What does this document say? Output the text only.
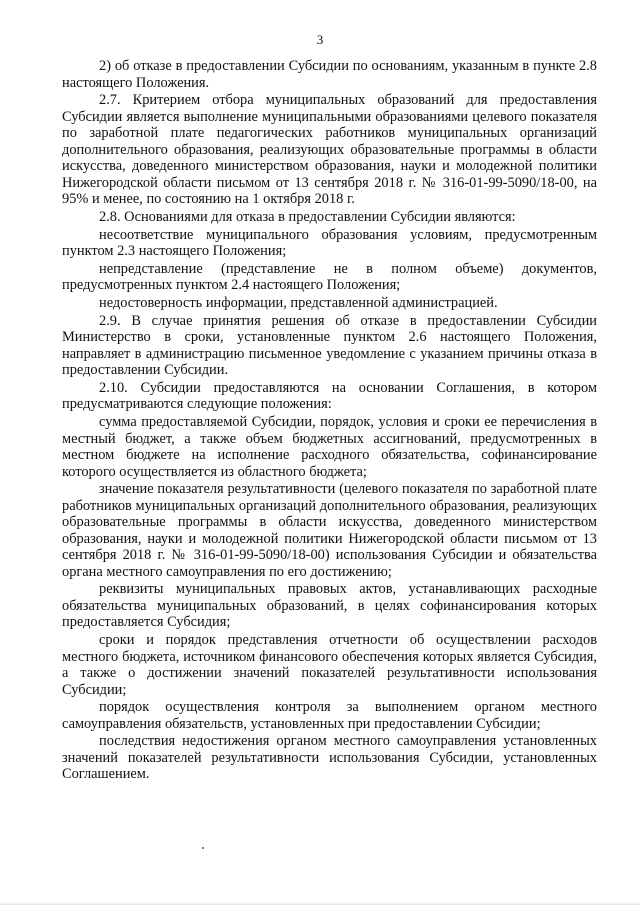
3

2) об отказе в предоставлении Субсидии по основаниям, указанным в пункте 2.8 настоящего Положения.

2.7. Критерием отбора муниципальных образований для предоставления Субсидии является выполнение муниципальными образованиями целевого показателя по заработной плате педагогических работников муниципальных организаций дополнительного образования, реализующих образовательные программы в области искусства, доведенного министерством образования, науки и молодежной политики Нижегородской области письмом от 13 сентября 2018 г. № 316-01-99-5090/18-00, на 95% и менее, по состоянию на 1 октября 2018 г.

2.8. Основаниями для отказа в предоставлении Субсидии являются:

несоответствие муниципального образования условиям, предусмотренным пунктом 2.3 настоящего Положения;

непредставление (представление не в полном объеме) документов, предусмотренных пунктом 2.4 настоящего Положения;

недостоверность информации, представленной администрацией.

2.9. В случае принятия решения об отказе в предоставлении Субсидии Министерство в сроки, установленные пунктом 2.6 настоящего Положения, направляет в администрацию письменное уведомление с указанием причины отказа в предоставлении Субсидии.

2.10. Субсидии предоставляются на основании Соглашения, в котором предусматриваются следующие положения:

сумма предоставляемой Субсидии, порядок, условия и сроки ее перечисления в местный бюджет, а также объем бюджетных ассигнований, предусмотренных в местном бюджете на исполнение расходного обязательства, софинансирование которого осуществляется из областного бюджета;

значение показателя результативности (целевого показателя по заработной плате работников муниципальных организаций дополнительного образования, реализующих образовательные программы в области искусства, доведенного министерством образования, науки и молодежной политики Нижегородской области письмом от 13 сентября 2018 г. № 316-01-99-5090/18-00) использования Субсидии и обязательства органа местного самоуправления по его достижению;

реквизиты муниципальных правовых актов, устанавливающих расходные обязательства муниципальных образований, в целях софинансирования которых предоставляется Субсидия;

сроки и порядок представления отчетности об осуществлении расходов местного бюджета, источником финансового обеспечения которых является Субсидия, а также о достижении значений показателей результативности использования Субсидии;

порядок осуществления контроля за выполнением органом местного самоуправления обязательств, установленных при предоставлении Субсидии;

последствия недостижения органом местного самоуправления установленных значений показателей результативности использования Субсидии, установленных Соглашением.
